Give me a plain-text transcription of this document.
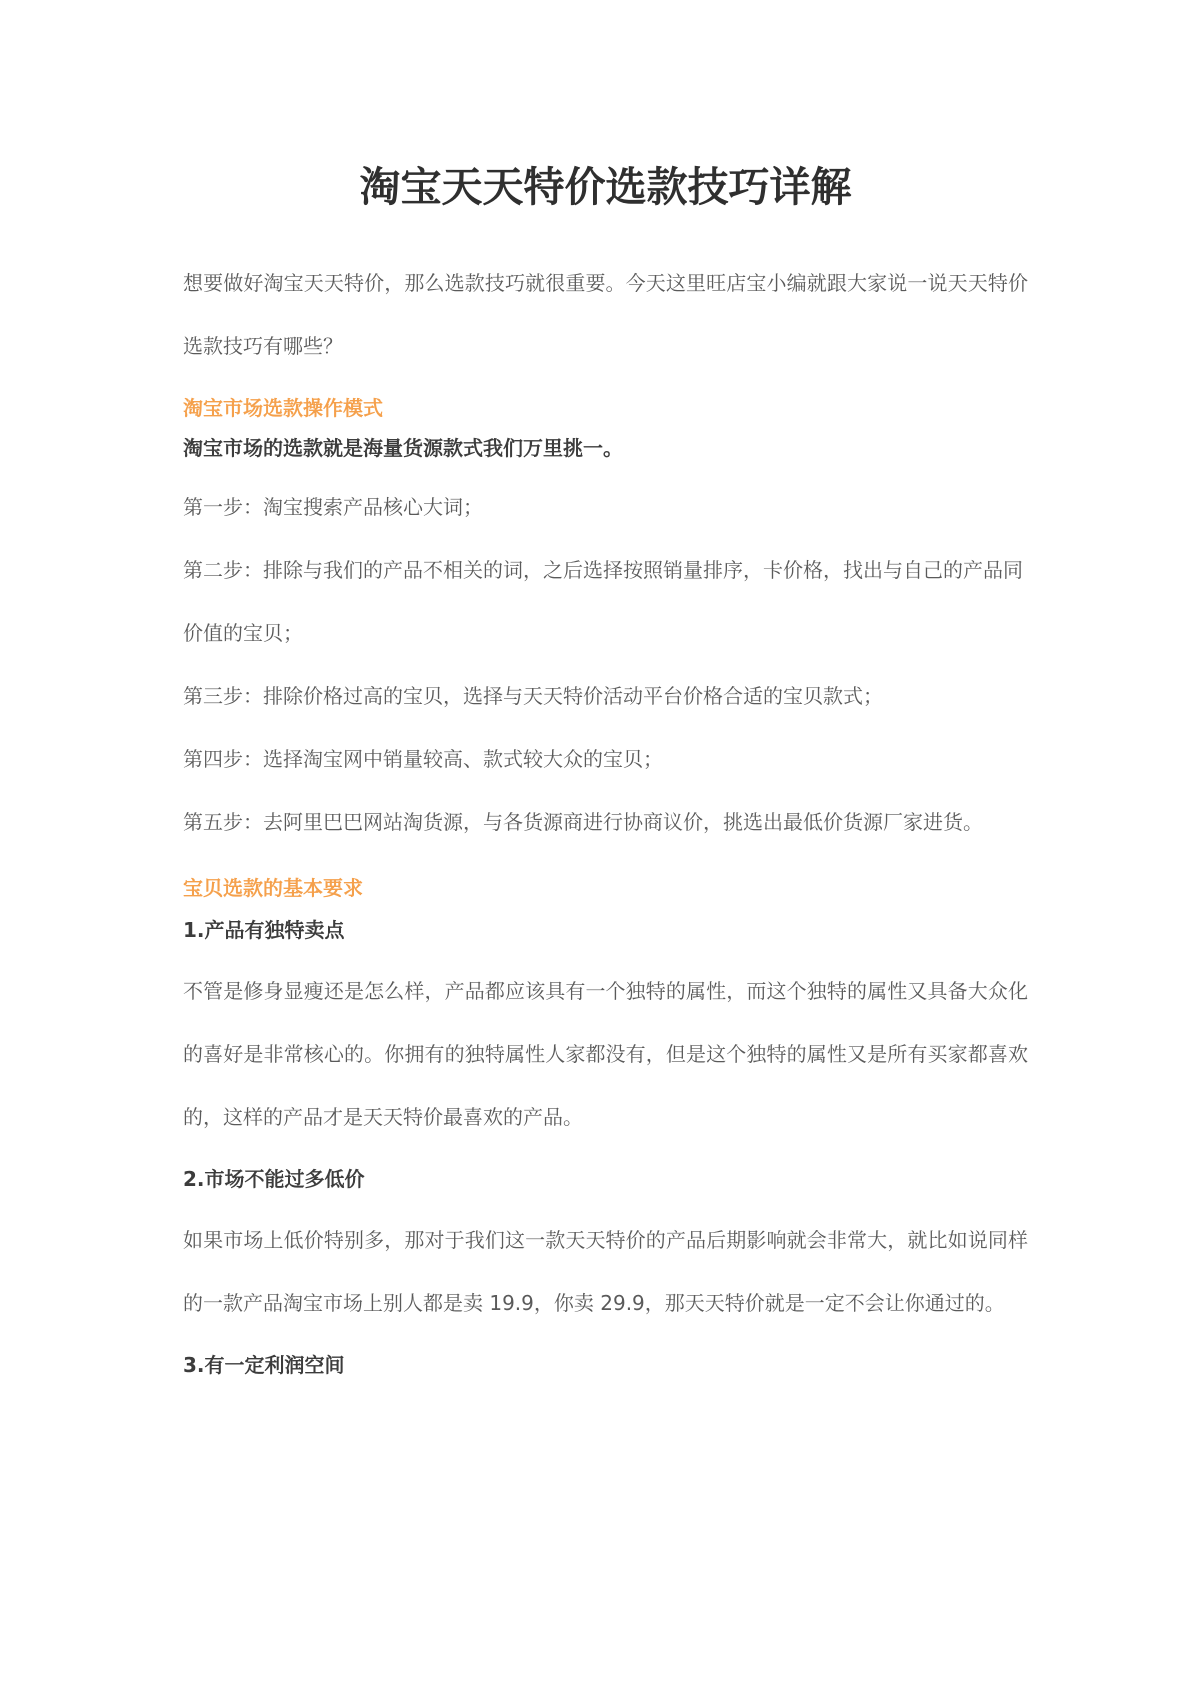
淘宝天天特价选款技巧详解

想要做好淘宝天天特价，那么选款技巧就很重要。今天这里旺店宝小编就跟大家说一说天天特价选款技巧有哪些？

淘宝市场选款操作模式
淘宝市场的选款就是海量货源款式我们万里挑一。

第一步：淘宝搜索产品核心大词；

第二步：排除与我们的产品不相关的词，之后选择按照销量排序，卡价格，找出与自己的产品同价值的宝贝；

第三步：排除价格过高的宝贝，选择与天天特价活动平台价格合适的宝贝款式；

第四步：选择淘宝网中销量较高、款式较大众的宝贝；

第五步：去阿里巴巴网站淘货源，与各货源商进行协商议价，挑选出最低价货源厂家进货。

宝贝选款的基本要求
1.产品有独特卖点

不管是修身显瘦还是怎么样，产品都应该具有一个独特的属性，而这个独特的属性又具备大众化的喜好是非常核心的。你拥有的独特属性人家都没有，但是这个独特的属性又是所有买家都喜欢的，这样的产品才是天天特价最喜欢的产品。

2.市场不能过多低价

如果市场上低价特别多，那对于我们这一款天天特价的产品后期影响就会非常大，就比如说同样的一款产品淘宝市场上别人都是卖 19.9，你卖 29.9，那天天特价就是一定不会让你通过的。

3.有一定利润空间
